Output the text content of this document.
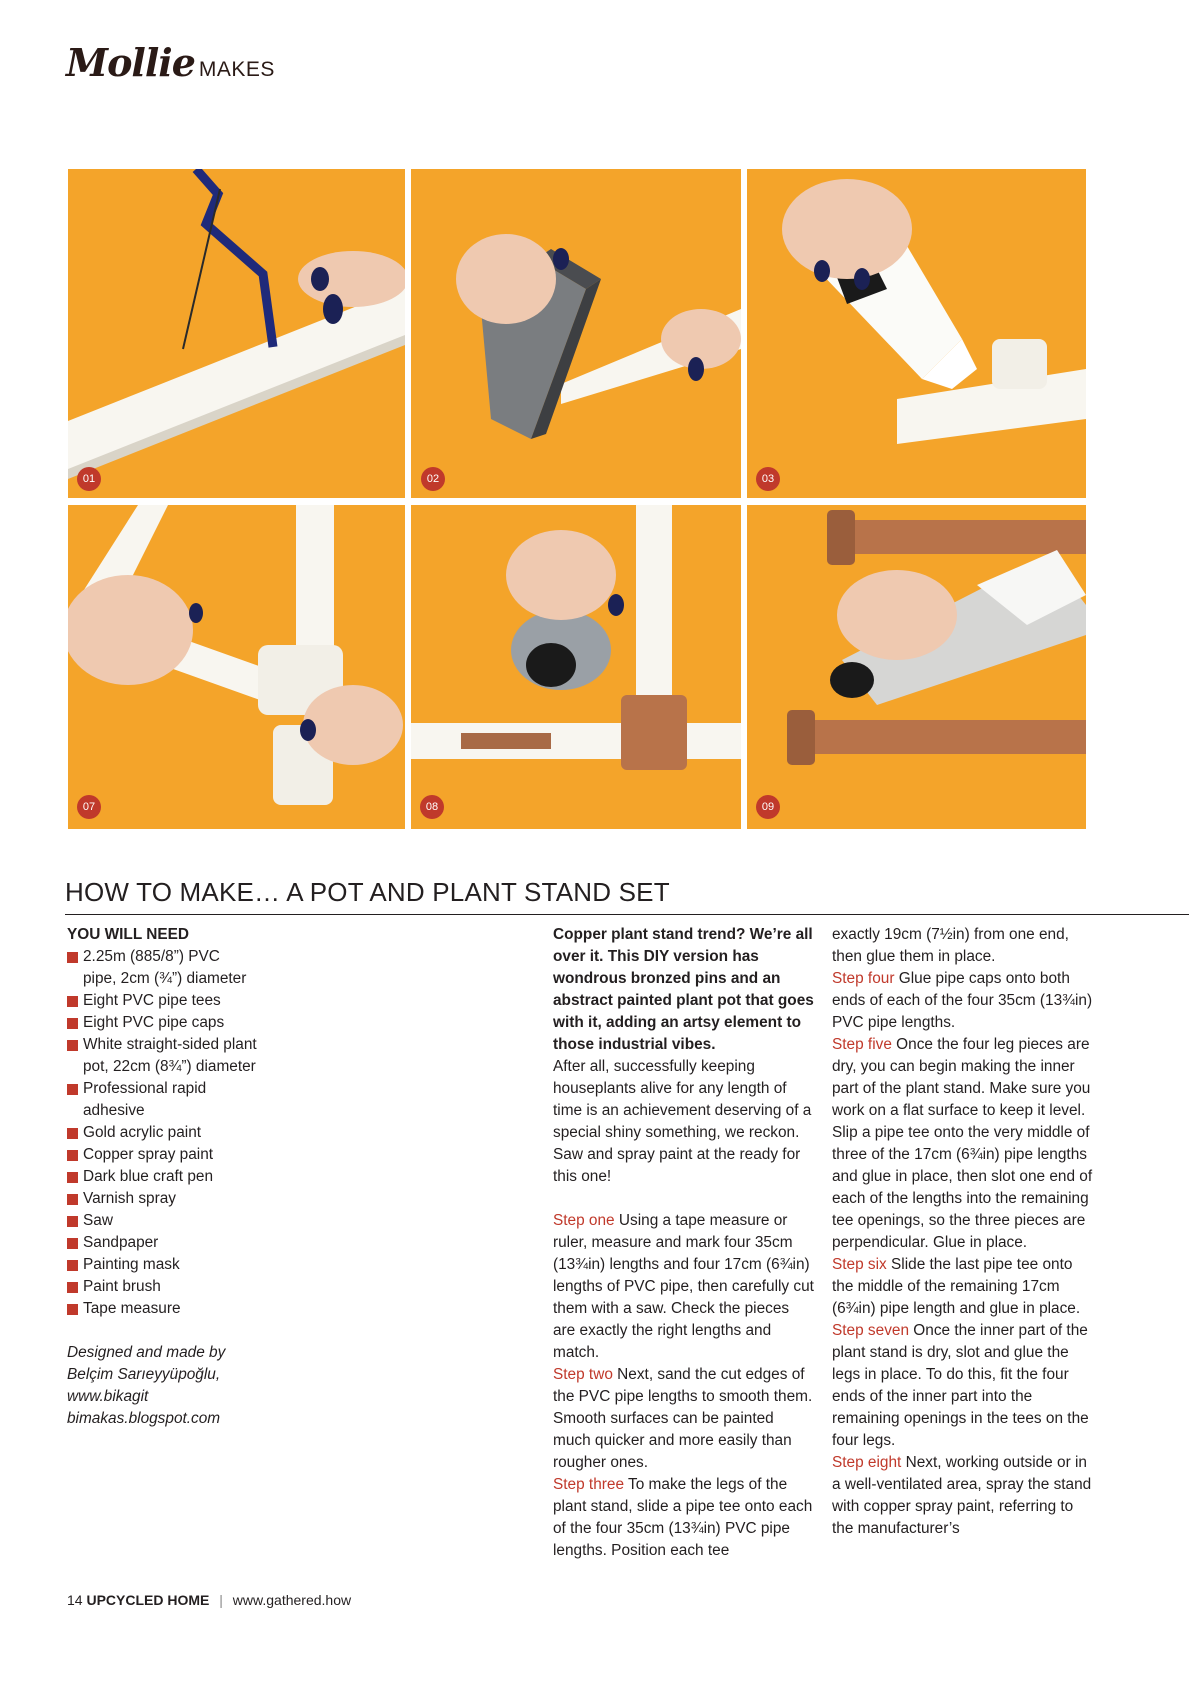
Mollie MAKES
01	02	03
07	08	09
HOW TO MAKE… A POT AND PLANT STAND SET

YOU WILL NEED

2.25m (885/8”) PVC pipe, 2cm (¾”) diameter
Eight PVC pipe tees
Eight PVC pipe caps
White straight-sided plant pot, 22cm (8¾”) diameter
Professional rapid adhesive
Gold acrylic paint
Copper spray paint
Dark blue craft pen
Varnish spray
Saw
Sandpaper
Painting mask
Paint brush
Tape measure
Designed and made by
Belçim Sarıeyyüpoğlu,
www.bikagit
bimakas.blogspot.com

Copper plant stand trend? We’re all over it. This DIY version has wondrous bronzed pins and an abstract painted plant pot that goes with it, adding an artsy element to those industrial vibes.

After all, successfully keeping houseplants alive for any length of time is an achievement deserving of a special shiny something, we reckon. Saw and spray paint at the ready for this one!

Step one Using a tape measure or ruler, measure and mark four 35cm (13¾in) lengths and four 17cm (6¾in) lengths of PVC pipe, then carefully cut them with a saw. Check the pieces are exactly the right lengths and match.

Step two Next, sand the cut edges of the PVC pipe lengths to smooth them. Smooth surfaces can be painted much quicker and more easily than rougher ones.

Step three To make the legs of the plant stand, slide a pipe tee onto each of the four 35cm (13¾in) PVC pipe lengths. Position each tee

exactly 19cm (7½in) from one end, then glue them in place.

Step four Glue pipe caps onto both ends of each of the four 35cm (13¾in) PVC pipe lengths.

Step five Once the four leg pieces are dry, you can begin making the inner part of the plant stand. Make sure you work on a flat surface to keep it level. Slip a pipe tee onto the very middle of three of the 17cm (6¾in) pipe lengths and glue in place, then slot one end of each of the lengths into the remaining tee openings, so the three pieces are perpendicular. Glue in place.

Step six Slide the last pipe tee onto the middle of the remaining 17cm (6¾in) pipe length and glue in place.

Step seven Once the inner part of the plant stand is dry, slot and glue the legs in place. To do this, fit the four ends of the inner part into the remaining openings in the tees on the four legs.

Step eight Next, working outside or in a well-ventilated area, spray the stand with copper spray paint, referring to the manufacturer’s

14 UPCYCLED HOME | www.gathered.how
